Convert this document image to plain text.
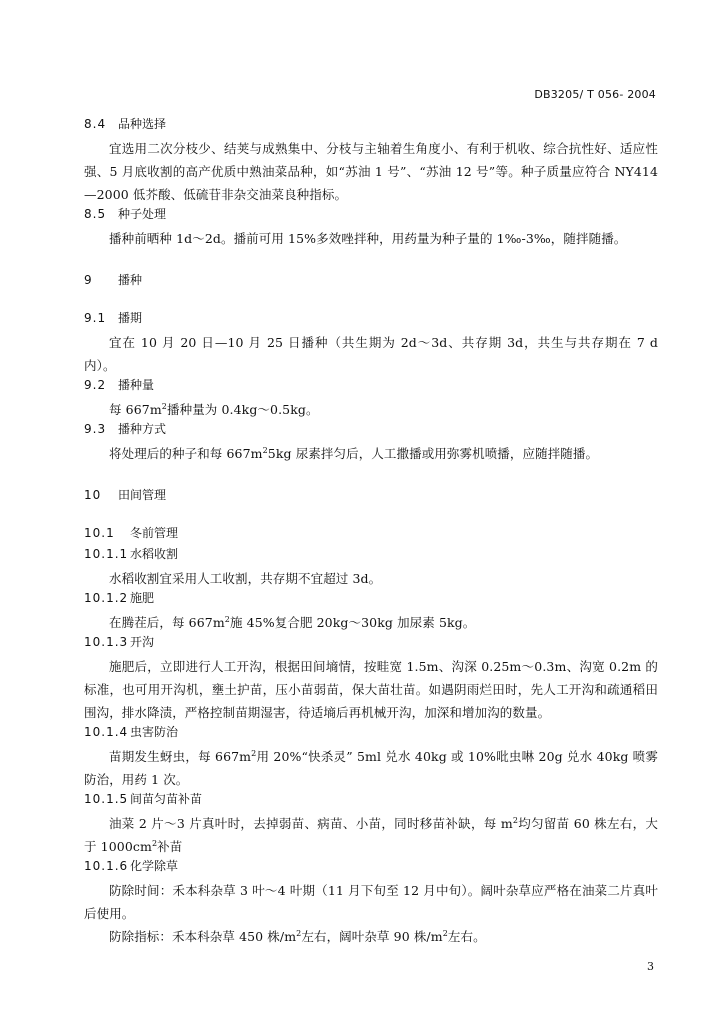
DB3205/ T 056- 2004
8.4 品种选择

宜选用二次分枝少、结荚与成熟集中、分枝与主轴着生角度小、有利于机收、综合抗性好、适应性强、5 月底收割的高产优质中熟油菜品种，如“苏油 1 号”、“苏油 12 号”等。种子质量应符合 NY414—2000 低芥酸、低硫苷非杂交油菜良种指标。

8.5 种子处理

播种前晒种 1d～2d。播前可用 15%多效唑拌种，用药量为种子量的 1‰-3‰，随拌随播。

9 播种
9.1 播期

宜在 10 月 20 日—10 月 25 日播种（共生期为 2d～3d、共存期 3d，共生与共存期在 7 d 内）。

9.2 播种量

每 $667m^2$播种量为 0.4kg～0.5kg。

9.3 播种方式

将处理后的种子和每 $667m^25kg$ 尿素拌匀后，人工撒播或用弥雾机喷播，应随拌随播。

10 田间管理
10.1 冬前管理
10.1.1 水稻收割

水稻收割宜采用人工收割，共存期不宜超过 3d。

10.1.2 施肥

在腾茬后，每 $667m^2$施 45%复合肥 20kg～30kg 加尿素 5kg。

10.1.3 开沟

施肥后，立即进行人工开沟，根据田间墒情，按畦宽 1.5m、沟深 0.25m～0.3m、沟宽 0.2m 的标准，也可用开沟机，壅土护苗，压小苗弱苗，保大苗壮苗。如遇阴雨烂田时，先人工开沟和疏通稻田围沟，排水降渍，严格控制苗期湿害，待适墒后再机械开沟，加深和增加沟的数量。

10.1.4 虫害防治

苗期发生蚜虫，每 $667m^2$用 20%“快杀灵” 5ml 兑水 40kg 或 10%吡虫啉 20g 兑水 40kg 喷雾防治，用药 1 次。

10.1.5 间苗匀苗补苗

油菜 2 片～3 片真叶时，去掉弱苗、病苗、小苗，同时移苗补缺，每 $m^2$均匀留苗 60 株左右，大于 $1000cm^2$补苗

10.1.6 化学除草

防除时间：禾本科杂草 3 叶～4 叶期（11 月下旬至 12 月中旬）。阔叶杂草应严格在油菜二片真叶后使用。

防除指标：禾本科杂草 450 株$/m^2$左右，阔叶杂草 90 株$/m^2$左右。

3
